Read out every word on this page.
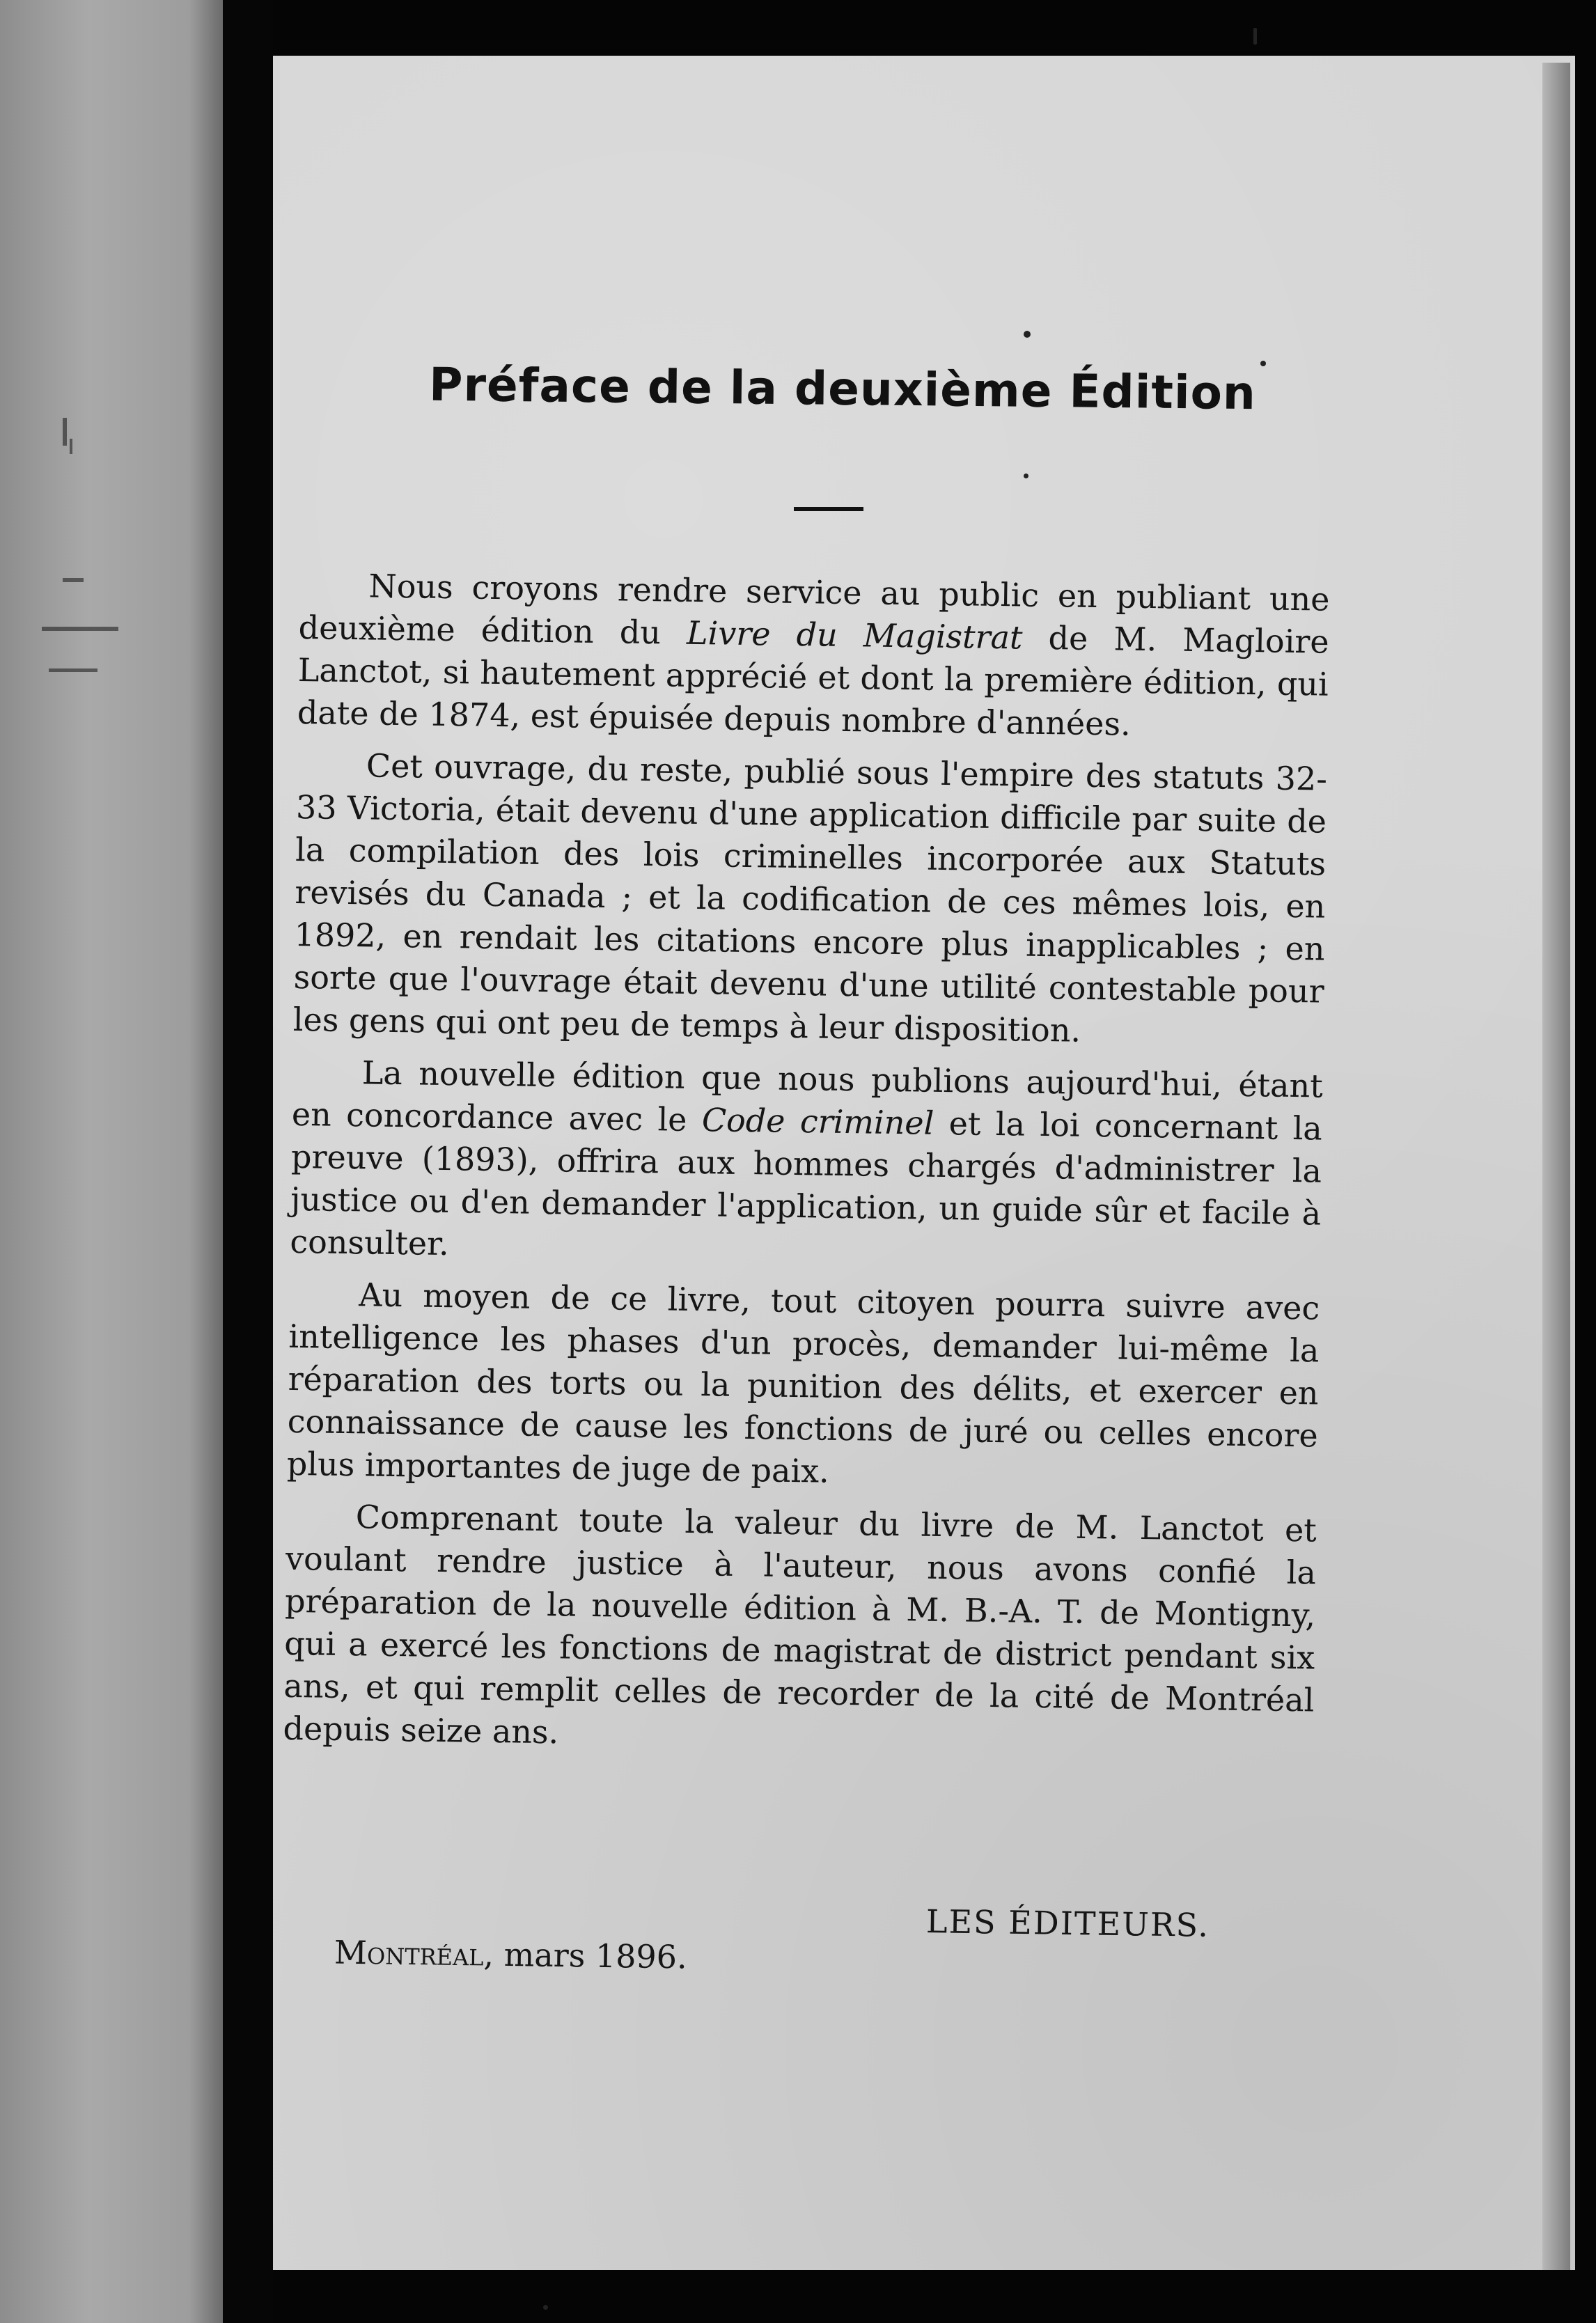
Préface de la deuxième Édition

Nous croyons rendre service au public en publiant une deuxième édition du Livre du Magistrat de M. Magloire Lanctot, si hautement apprécié et dont la première édition, qui date de 1874, est épuisée depuis nombre d'années.

Cet ouvrage, du reste, publié sous l'empire des statuts 32-33 Victoria, était devenu d'une application difficile par suite de la compilation des lois criminelles incorporée aux Statuts revisés du Canada ; et la codification de ces mêmes lois, en 1892, en rendait les citations encore plus inapplicables ; en sorte que l'ouvrage était devenu d'une utilité contestable pour les gens qui ont peu de temps à leur disposition.

La nouvelle édition que nous publions aujourd'hui, étant en concordance avec le Code criminel et la loi concernant la preuve (1893), offrira aux hommes chargés d'administrer la justice ou d'en demander l'application, un guide sûr et facile à consulter.

Au moyen de ce livre, tout citoyen pourra suivre avec intelligence les phases d'un procès, demander lui-même la réparation des torts ou la punition des délits, et exercer en connaissance de cause les fonctions de juré ou celles encore plus importantes de juge de paix.

Comprenant toute la valeur du livre de M. Lanctot et voulant rendre justice à l'auteur, nous avons confié la préparation de la nouvelle édition à M. B.-A. T. de Montigny, qui a exercé les fonctions de magistrat de district pendant six ans, et qui remplit celles de recorder de la cité de Montréal depuis seize ans.

LES ÉDITEURS.
Montréal, mars 1896.
